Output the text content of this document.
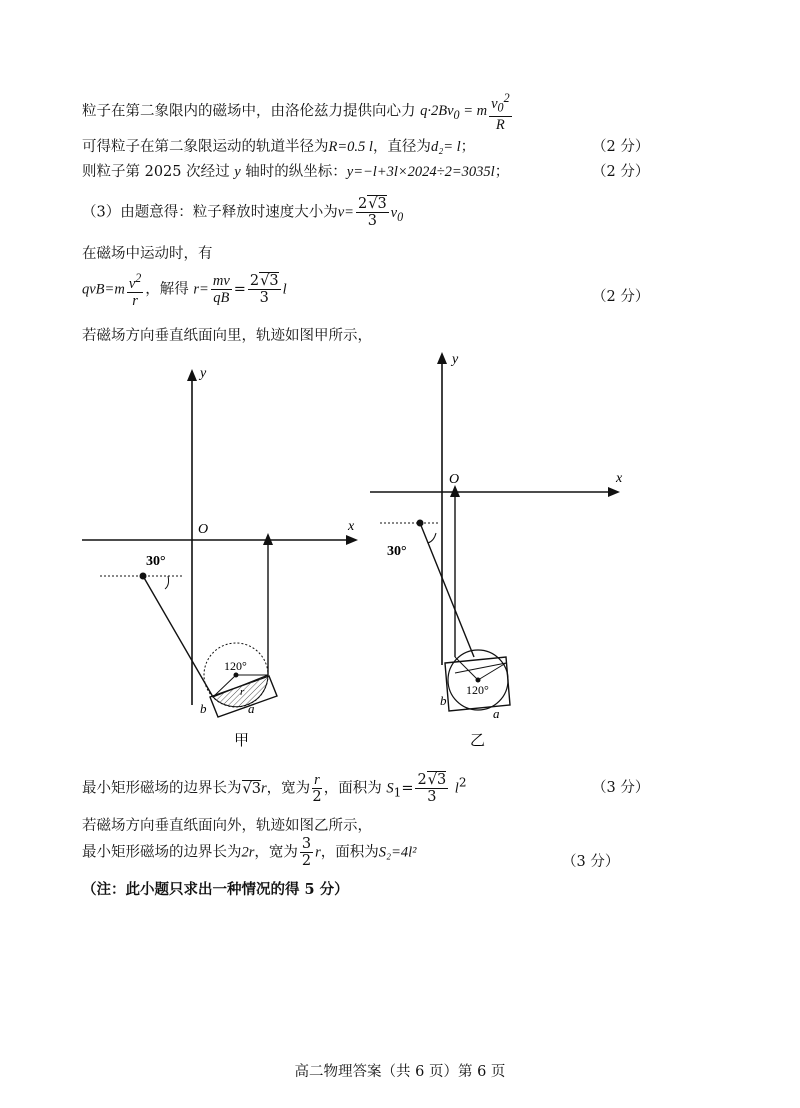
粒子在第二象限内的磁场中，由洛伦兹力提供向心力 $q\cdot 2Bv_0 = m \frac{v_0^2}{R}$
可得粒子在第二象限运动的轨道半径为R=0.5 l，直径为d₂= l；	（2 分）
则粒子第 2025 次经过 y 轴时的纵坐标：y=−l+3l×2024÷2=3035l；	（2 分）
（3）由题意得：粒子释放时速度大小为$v= \frac{2√3}{3} v_0$
在磁场中运动时，有
$qvB=m \frac{v^2}{r}$ ，解得 $r= \frac{mv}{qB} = \frac{2√3}{3}$ l	（2 分）
若磁场方向垂直纸面向里，轨迹如图甲所示，
y
x
O
30°
120°
r
a
b
甲
y
x
O
30°
120°
a
b
乙
最小矩形磁场的边界长为√3r，宽为 $\frac{r}{2}$ ，面积为 $S_1= \frac{2√3}{3} l^2$	（3 分）
若磁场方向垂直纸面向外，轨迹如图乙所示，
最小矩形磁场的边界长为2r，宽为 $\frac{3}{2}$ r，面积为S₂=4l²
（3 分）
（注：此小题只求出一种情况的得 5 分）
高二物理答案（共 6 页）第 6 页
